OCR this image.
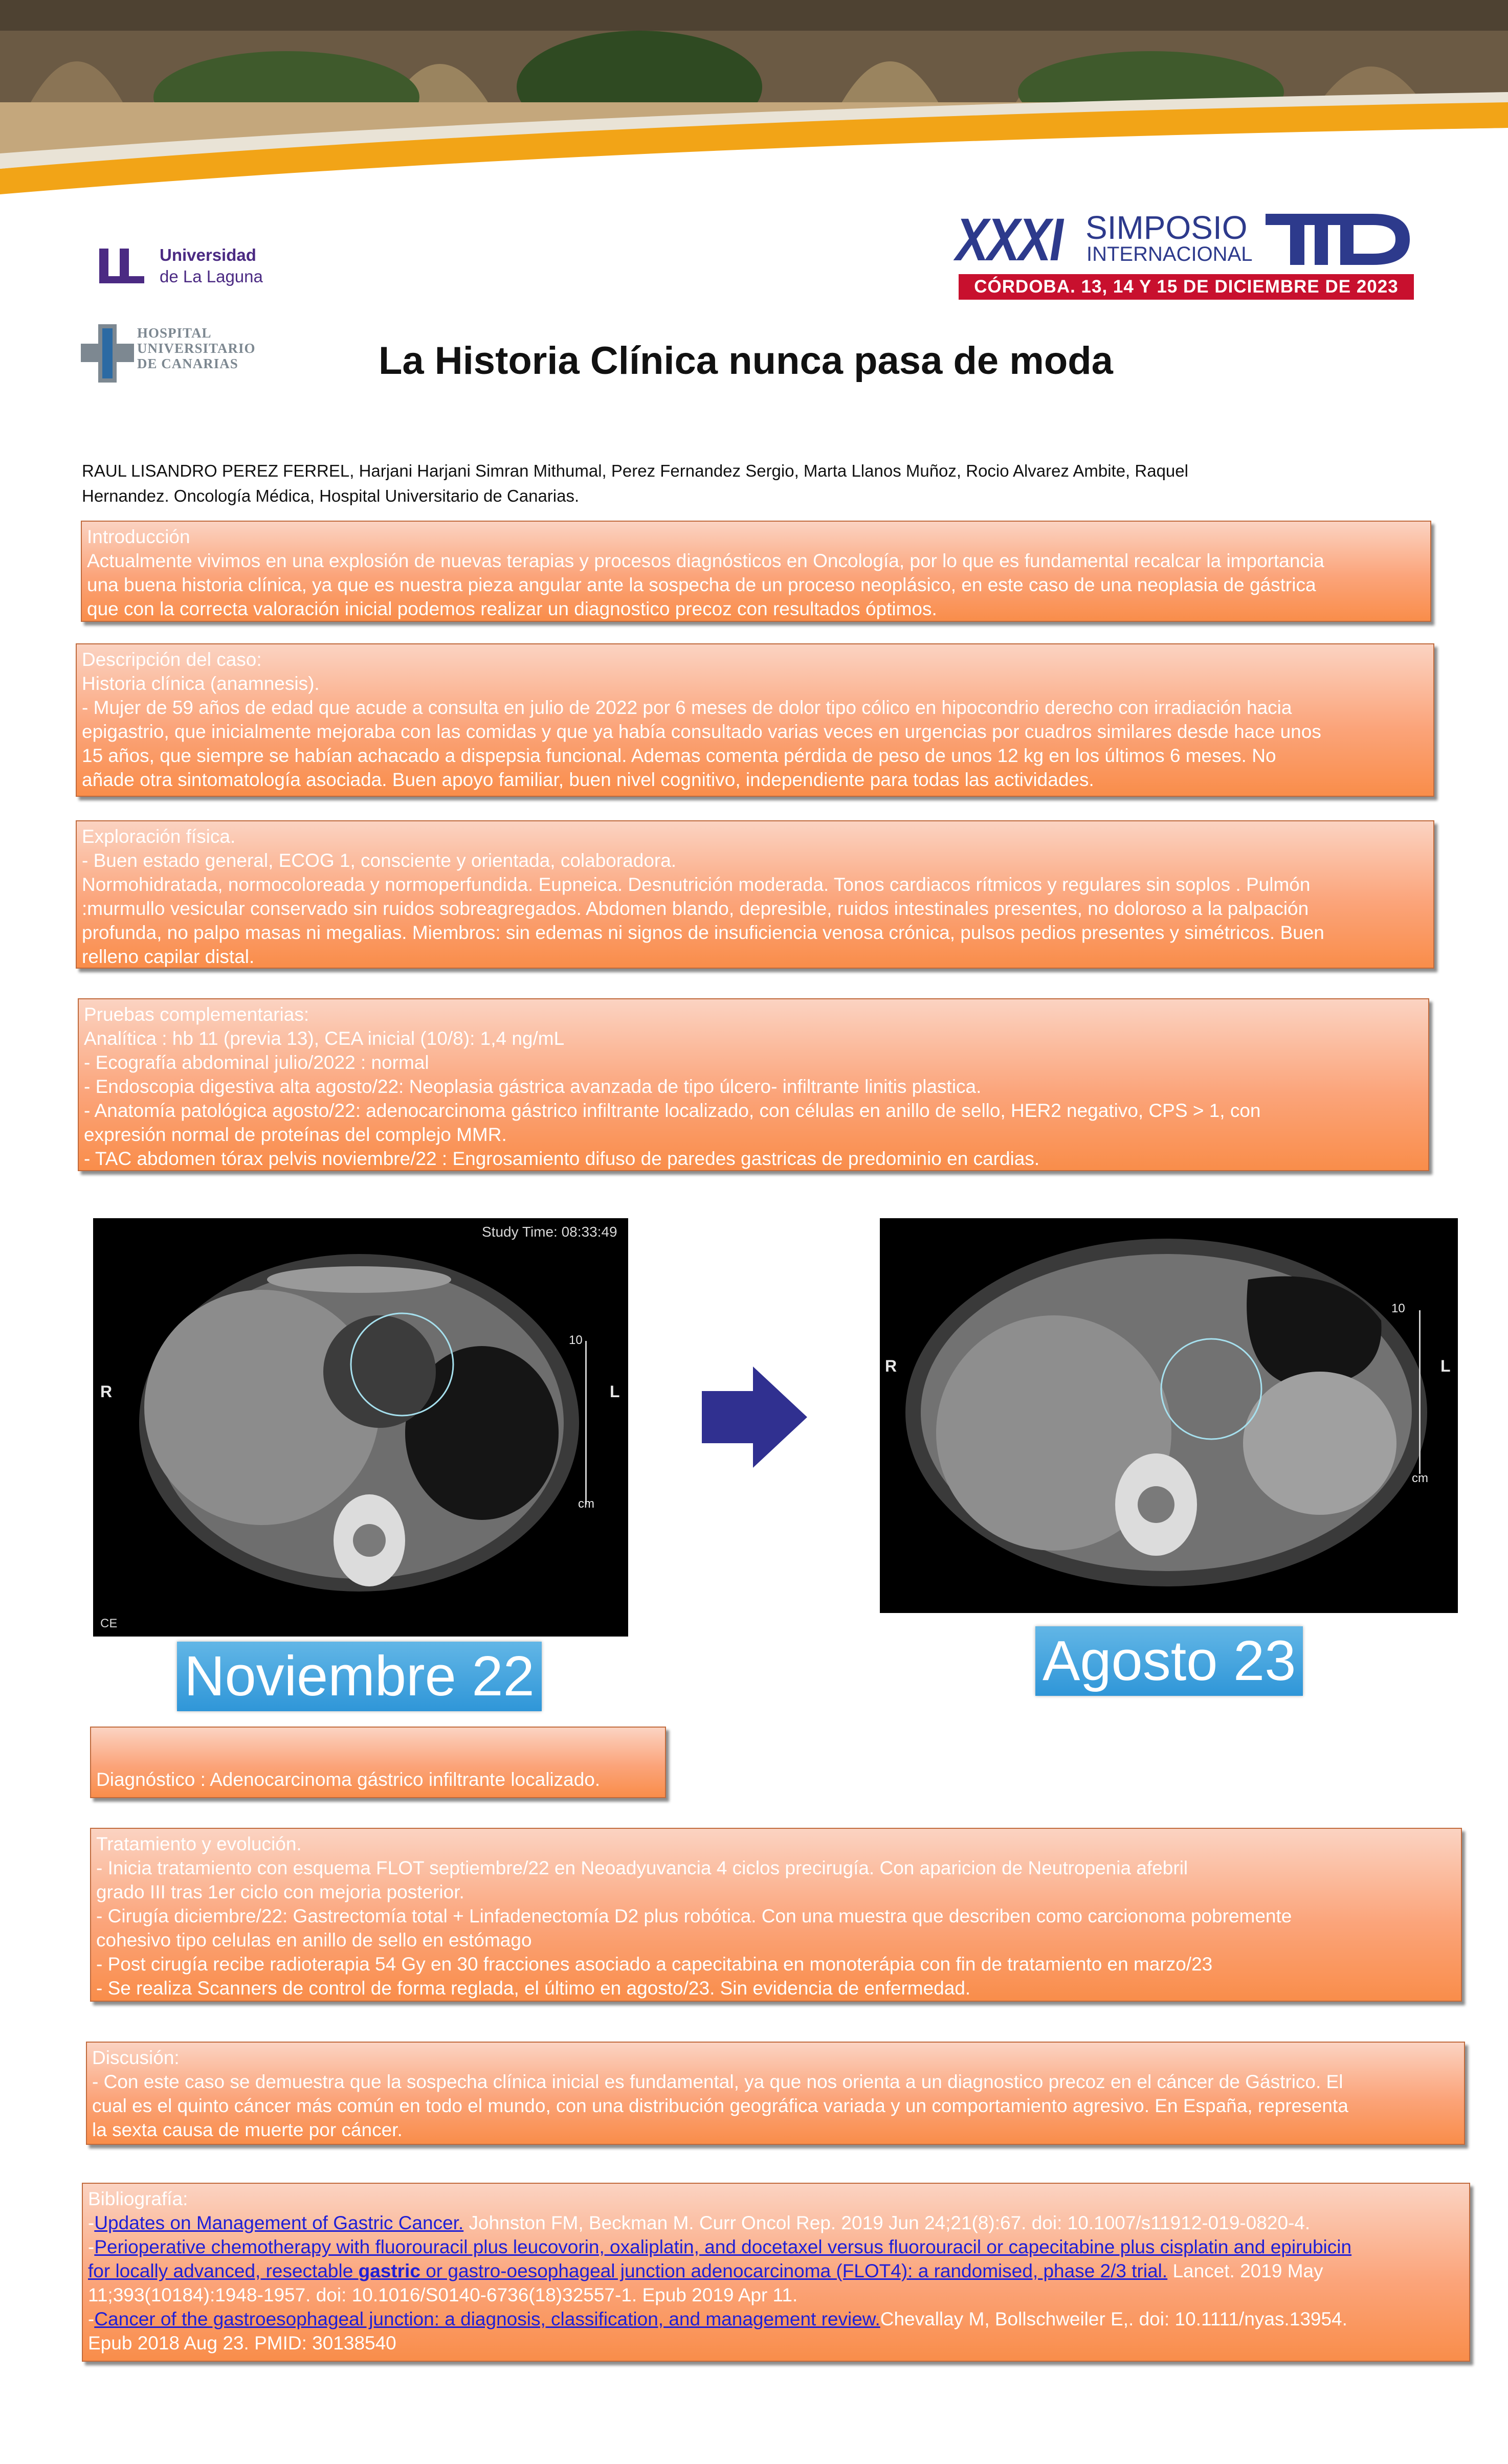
Universidad
de La Laguna
HOSPITAL
UNIVERSITARIO
DE CANARIAS
XXXI SIMPOSIO
INTERNACIONAL
CÓRDOBA. 13, 14 Y 15 DE DICIEMBRE DE 2023
La Historia Clínica nunca pasa de moda
RAUL LISANDRO PEREZ FERREL, Harjani Harjani Simran Mithumal, Perez Fernandez Sergio, Marta Llanos Muñoz, Rocio Alvarez Ambite, Raquel
Hernandez. Oncología Médica, Hospital Universitario de Canarias.

Introducción

Actualmente vivimos en una explosión de nuevas terapias y procesos diagnósticos en Oncología, por lo que es fundamental recalcar la importancia

una buena historia clínica, ya que es nuestra pieza angular ante la sospecha de un proceso neoplásico, en este caso de una neoplasia de gástrica

que con la correcta valoración inicial podemos realizar un diagnostico precoz con resultados óptimos.

Descripción del caso:

Historia clínica (anamnesis).

- Mujer de 59 años de edad que acude a consulta en julio de 2022 por 6 meses de dolor tipo cólico en hipocondrio derecho con irradiación hacia

epigastrio, que inicialmente mejoraba con las comidas y que ya había consultado varias veces en urgencias por cuadros similares desde hace unos

15 años, que siempre se habían achacado a dispepsia funcional. Ademas comenta pérdida de peso de unos 12 kg en los últimos 6 meses. No

añade otra sintomatología asociada. Buen apoyo familiar, buen nivel cognitivo, independiente para todas las actividades.

Exploración física.

- Buen estado general, ECOG 1, consciente y orientada, colaboradora.

Normohidratada, normocoloreada y normoperfundida. Eupneica. Desnutrición moderada. Tonos cardiacos rítmicos y regulares sin soplos . Pulmón

:murmullo vesicular conservado sin ruidos sobreagregados. Abdomen blando, depresible, ruidos intestinales presentes, no doloroso a la palpación

profunda, no palpo masas ni megalias. Miembros: sin edemas ni signos de insuficiencia venosa crónica, pulsos pedios presentes y simétricos. Buen

relleno capilar distal.

Pruebas complementarias:

Analítica : hb 11 (previa 13), CEA inicial (10/8): 1,4 ng/mL

- Ecografía abdominal julio/2022 : normal

- Endoscopia digestiva alta agosto/22: Neoplasia gástrica avanzada de tipo úlcero- infiltrante linitis plastica.

- Anatomía patológica agosto/22: adenocarcinoma gástrico infiltrante localizado, con células en anillo de sello, HER2 negativo, CPS > 1, con

expresión normal de proteínas del complejo MMR.

- TAC abdomen tórax pelvis noviembre/22 : Engrosamiento difuso de paredes gastricas de predominio en cardias.

Study Time: 08:33:49
R	L
10
cm
CE
R	L
10
cm
Noviembre 22	Agosto 23

Diagnóstico : Adenocarcinoma gástrico infiltrante localizado.

Tratamiento y evolución.

- Inicia tratamiento con esquema FLOT septiembre/22 en Neoadyuvancia 4 ciclos precirugía. Con aparicion de Neutropenia afebril

grado III tras 1er ciclo con mejoria posterior.

- Cirugía diciembre/22: Gastrectomía total + Linfadenectomía D2 plus robótica. Con una muestra que describen como carcionoma pobremente

cohesivo tipo celulas en anillo de sello en estómago

- Post cirugía recibe radioterapia 54 Gy en 30 fracciones asociado a capecitabina en monoterápia con fin de tratamiento en marzo/23

- Se realiza Scanners de control de forma reglada, el último en agosto/23. Sin evidencia de enfermedad.

Discusión:

- Con este caso se demuestra que la sospecha clínica inicial es fundamental, ya que nos orienta a un diagnostico precoz en el cáncer de Gástrico. El

cual es el quinto cáncer más común en todo el mundo, con una distribución geográfica variada y un comportamiento agresivo. En España, representa

la sexta causa de muerte por cáncer.

Bibliografía:

-Updates on Management of Gastric Cancer. Johnston FM, Beckman M. Curr Oncol Rep. 2019 Jun 24;21(8):67. doi: 10.1007/s11912-019-0820-4.

-Perioperative chemotherapy with fluorouracil plus leucovorin, oxaliplatin, and docetaxel versus fluorouracil or capecitabine plus cisplatin and epirubicin

for locally advanced, resectable gastric or gastro-oesophageal junction adenocarcinoma (FLOT4): a randomised, phase 2/3 trial. Lancet. 2019 May

11;393(10184):1948-1957. doi: 10.1016/S0140-6736(18)32557-1. Epub 2019 Apr 11.

-Cancer of the gastroesophageal junction: a diagnosis, classification, and management review.Chevallay M, Bollschweiler E,. doi: 10.1111/nyas.13954.

Epub 2018 Aug 23. PMID: 30138540
